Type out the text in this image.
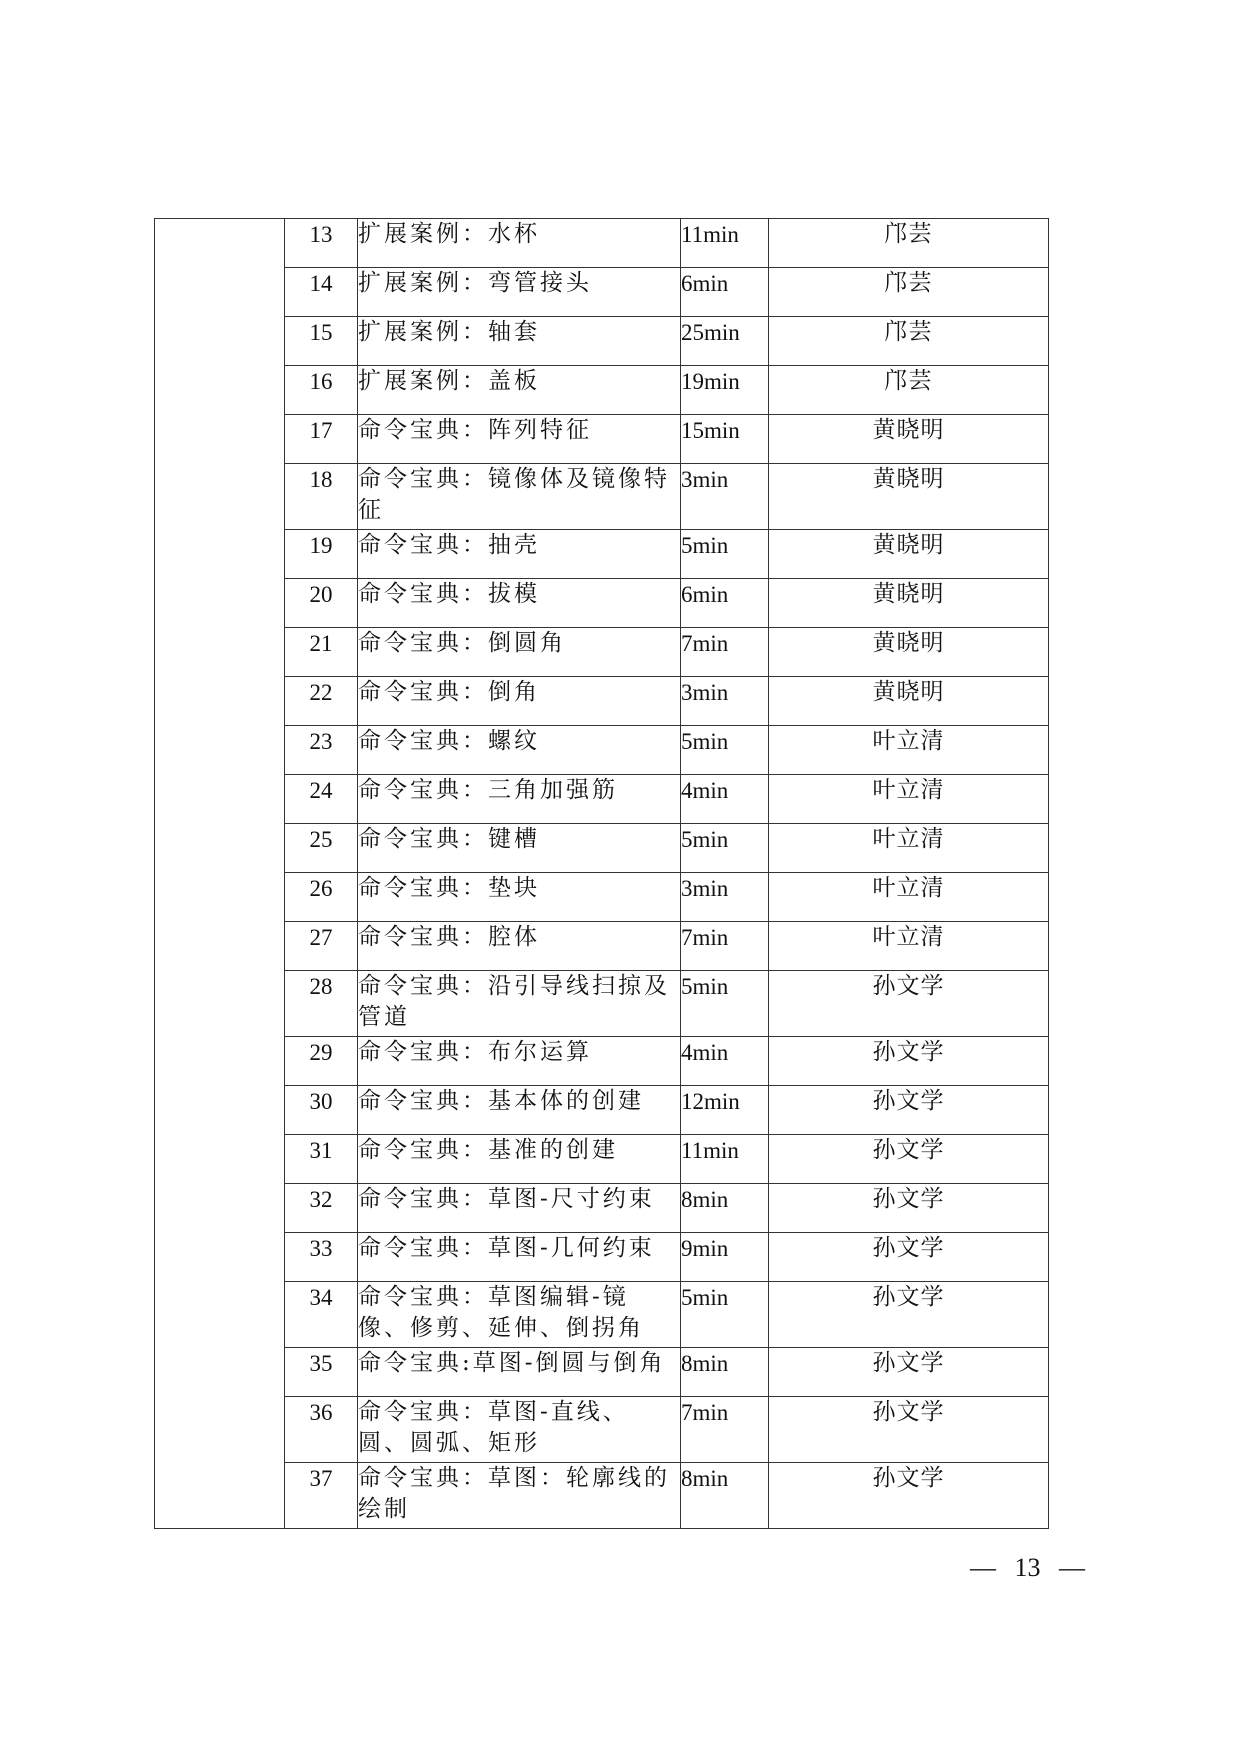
	13	扩展案例：水杯	11min	邝芸
	14	扩展案例：弯管接头	6min	邝芸
	15	扩展案例：轴套	25min	邝芸
	16	扩展案例：盖板	19min	邝芸
	17	命令宝典：阵列特征	15min	黄晓明
	18	命令宝典：镜像体及镜像特征	3min	黄晓明
	19	命令宝典：抽壳	5min	黄晓明
	20	命令宝典：拔模	6min	黄晓明
	21	命令宝典：倒圆角	7min	黄晓明
	22	命令宝典：倒角	3min	黄晓明
	23	命令宝典：螺纹	5min	叶立清
	24	命令宝典：三角加强筋	4min	叶立清
	25	命令宝典：键槽	5min	叶立清
	26	命令宝典：垫块	3min	叶立清
	27	命令宝典：腔体	7min	叶立清
	28	命令宝典：沿引导线扫掠及管道	5min	孙文学
	29	命令宝典：布尔运算	4min	孙文学
	30	命令宝典：基本体的创建	12min	孙文学
	31	命令宝典：基准的创建	11min	孙文学
	32	命令宝典：草图-尺寸约束	8min	孙文学
	33	命令宝典：草图-几何约束	9min	孙文学
	34	命令宝典：草图编辑-镜像、修剪、延伸、倒拐角	5min	孙文学
	35	命令宝典:草图-倒圆与倒角	8min	孙文学
	36	命令宝典：草图-直线、圆、圆弧、矩形	7min	孙文学
	37	命令宝典：草图：轮廓线的绘制	8min	孙文学
— 13 —
